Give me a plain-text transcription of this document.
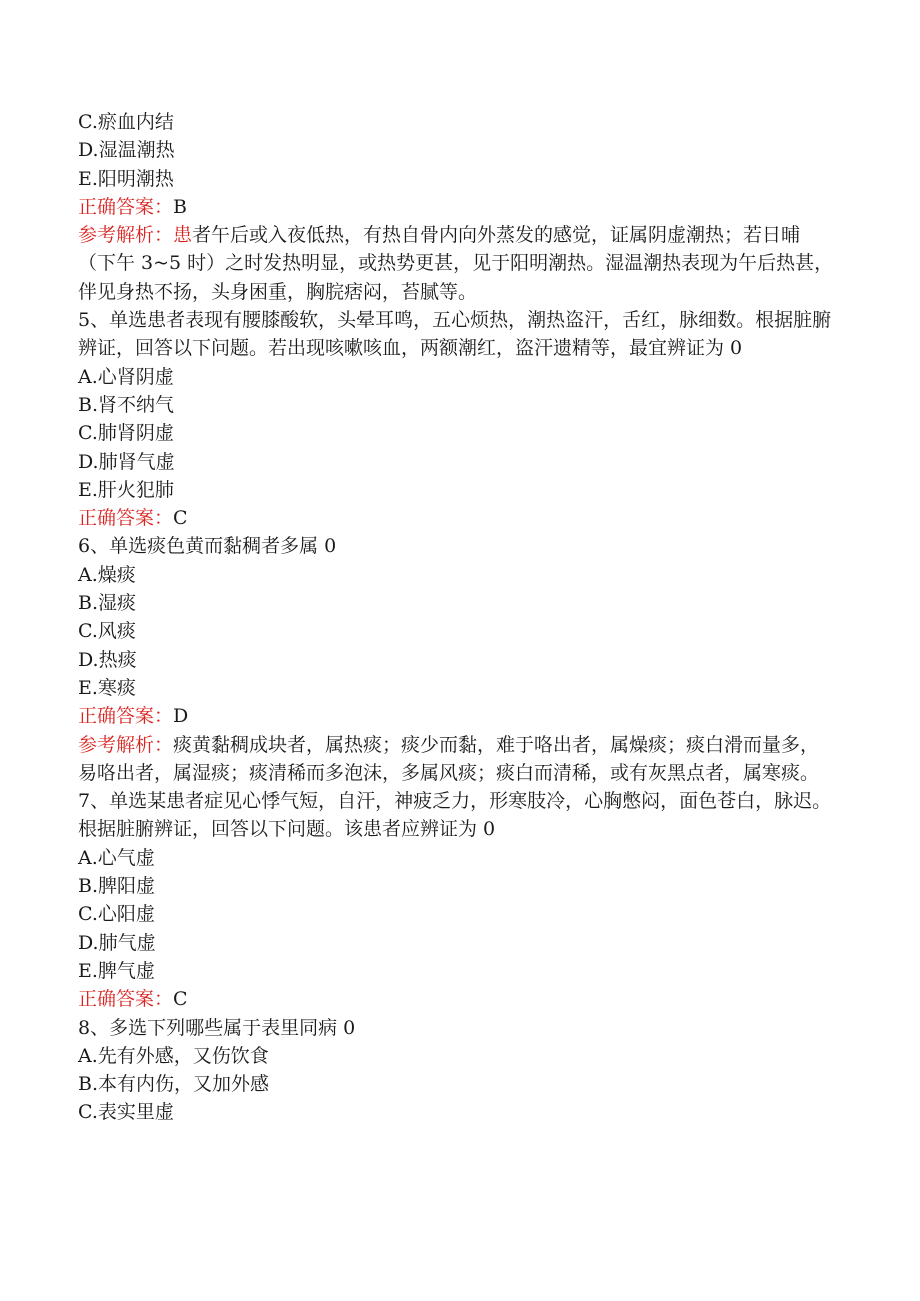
C.瘀血内结
D.湿温潮热
E.阳明潮热
正确答案：B
参考解析：患者午后或入夜低热，有热自骨内向外蒸发的感觉，证属阴虚潮热；若日晡（下午 3~5 时）之时发热明显，或热势更甚，见于阳明潮热。湿温潮热表现为午后热甚，伴见身热不扬，头身困重，胸脘痞闷，苔腻等。
5、单选患者表现有腰膝酸软，头晕耳鸣，五心烦热，潮热盗汗，舌红，脉细数。根据脏腑辨证，回答以下问题。若出现咳嗽咳血，两额潮红，盗汗遗精等，最宜辨证为 0
A.心肾阴虚
B.肾不纳气
C.肺肾阴虚
D.肺肾气虚
E.肝火犯肺
正确答案：C
6、单选痰色黄而黏稠者多属 0
A.燥痰
B.湿痰
C.风痰
D.热痰
E.寒痰
正确答案：D
参考解析：痰黄黏稠成块者，属热痰；痰少而黏，难于咯出者，属燥痰；痰白滑而量多，易咯出者，属湿痰；痰清稀而多泡沫，多属风痰；痰白而清稀，或有灰黑点者，属寒痰。
7、单选某患者症见心悸气短，自汗，神疲乏力，形寒肢冷，心胸憋闷，面色苍白，脉迟。根据脏腑辨证，回答以下问题。该患者应辨证为 0
A.心气虚
B.脾阳虚
C.心阳虚
D.肺气虚
E.脾气虚
正确答案：C
8、多选下列哪些属于表里同病 0
A.先有外感，又伤饮食
B.本有内伤，又加外感
C.表实里虚
